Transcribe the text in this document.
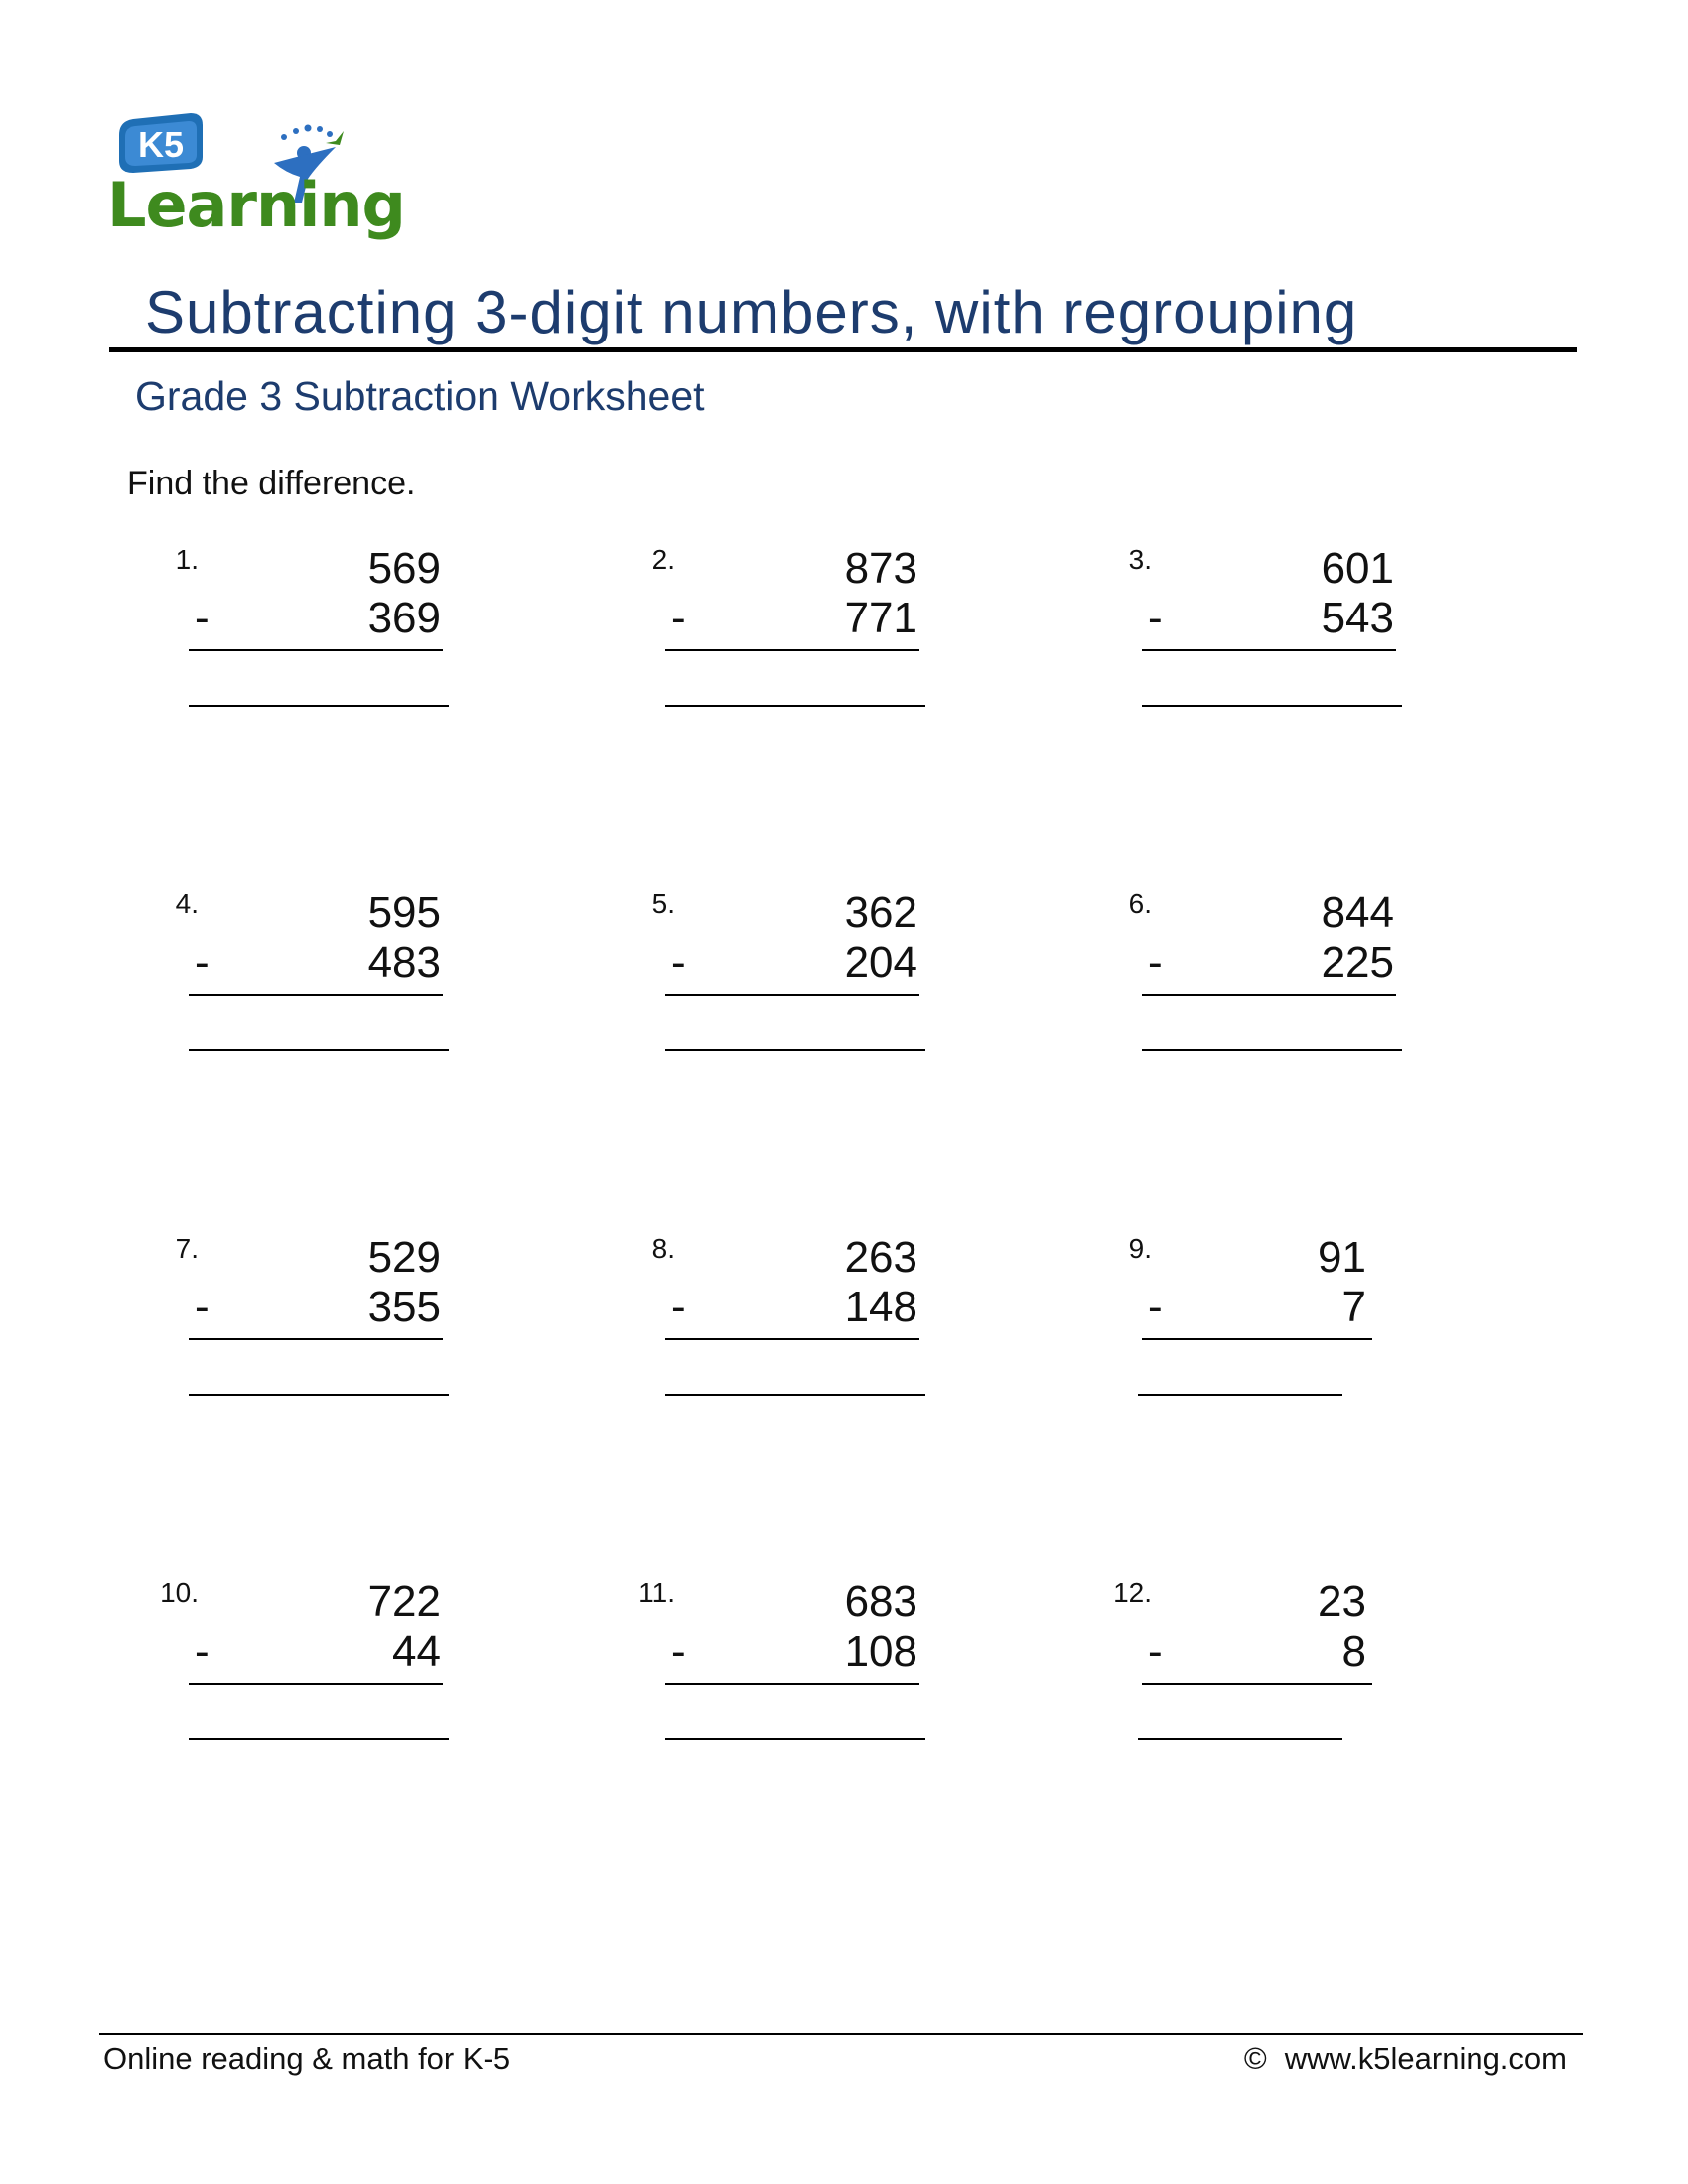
K5
Learning
Subtracting 3-digit numbers, with regrouping
Grade 3 Subtraction Worksheet
Find the difference.
1.	569
-	369
2.	873
-	771
3.	601
-	543
4.	595
-	483
5.	362
-	204
6.	844
-	225
7.	529
-	355
8.	263
-	148
9.	91
-	7
10.	722
-	44
11.	683
-	108
12.	23
-	8
Online reading & math for K-5	© www.k5learning.com
